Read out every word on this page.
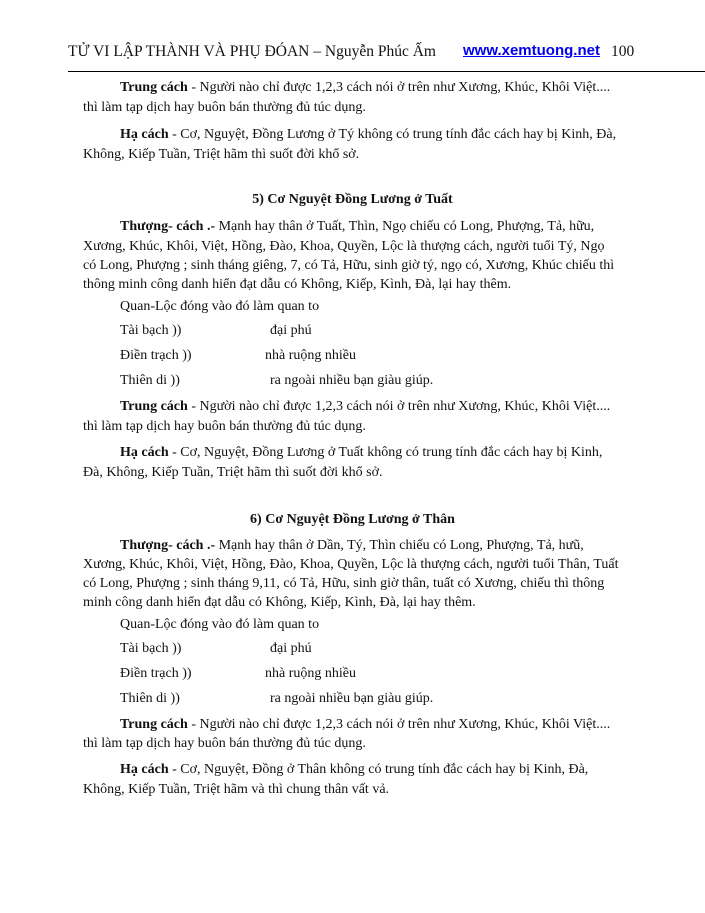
TỬ VI LẬP THÀNH VÀ PHỤ ĐÓAN – Nguyễn Phúc Ấm www.xemtuong.net 100
Trung cách - Người nào chỉ được 1,2,3 cách nói ở trên như Xương, Khúc, Khôi Việt....
thì làm tạp dịch hay buôn bán thường đủ túc dụng.
Hạ cách - Cơ, Nguyệt, Đồng Lương ở Tý không có trung tính đắc cách hay bị Kinh, Đà,
Không, Kiếp Tuần, Triệt hãm thì suốt đời khổ sở.
5) Cơ Nguyệt Đồng Lương ở Tuất
Thượng- cách .- Mạnh hay thân ở Tuất, Thìn, Ngọ chiếu có Long, Phượng, Tả, hữu,
Xương, Khúc, Khôi, Việt, Hồng, Đào, Khoa, Quyền, Lộc là thượng cách, người tuổi Tý, Ngọ
có Long, Phượng ; sinh tháng giêng, 7, có Tả, Hữu, sinh giờ tý, ngọ có, Xương, Khúc chiếu thì
thông minh công danh hiển đạt dẫu có Không, Kiếp, Kình, Đà, lại hay thêm.
Quan-Lộc đóng vào đó làm quan to
Tài bạch ))	đại phú
Điền trạch ))	nhà ruộng nhiều
Thiên di ))	ra ngoài nhiều bạn giàu giúp.
Trung cách - Người nào chỉ được 1,2,3 cách nói ở trên như Xương, Khúc, Khôi Việt....
thì làm tạp dịch hay buôn bán thường đủ túc dụng.
Hạ cách - Cơ, Nguyệt, Đồng Lương ở Tuất không có trung tính đắc cách hay bị Kinh,
Đà, Không, Kiếp Tuần, Triệt hãm thì suốt đời khổ sở.
6) Cơ Nguyệt Đồng Lương ở Thân
Thượng- cách .- Mạnh hay thân ở Dần, Tý, Thìn chiếu có Long, Phượng, Tả, hưũ,
Xương, Khúc, Khôi, Việt, Hồng, Đào, Khoa, Quyền, Lộc là thượng cách, người tuổi Thân, Tuất
có Long, Phượng ; sinh tháng 9,11, có Tả, Hữu, sinh giờ thân, tuất có Xương, chiếu thì thông
minh công danh hiển đạt dẫu có Không, Kiếp, Kình, Đà, lại hay thêm.
Quan-Lộc đóng vào đó làm quan to
Tài bạch ))	đại phú
Điền trạch ))	nhà ruộng nhiều
Thiên di ))	ra ngoài nhiều bạn giàu giúp.
Trung cách - Người nào chỉ được 1,2,3 cách nói ở trên như Xương, Khúc, Khôi Việt....
thì làm tạp dịch hay buôn bán thường đủ túc dụng.
Hạ cách - Cơ, Nguyệt, Đồng ở Thân không có trung tính đắc cách hay bị Kinh, Đà,
Không, Kiếp Tuần, Triệt hãm và thì chung thân vất vả.
